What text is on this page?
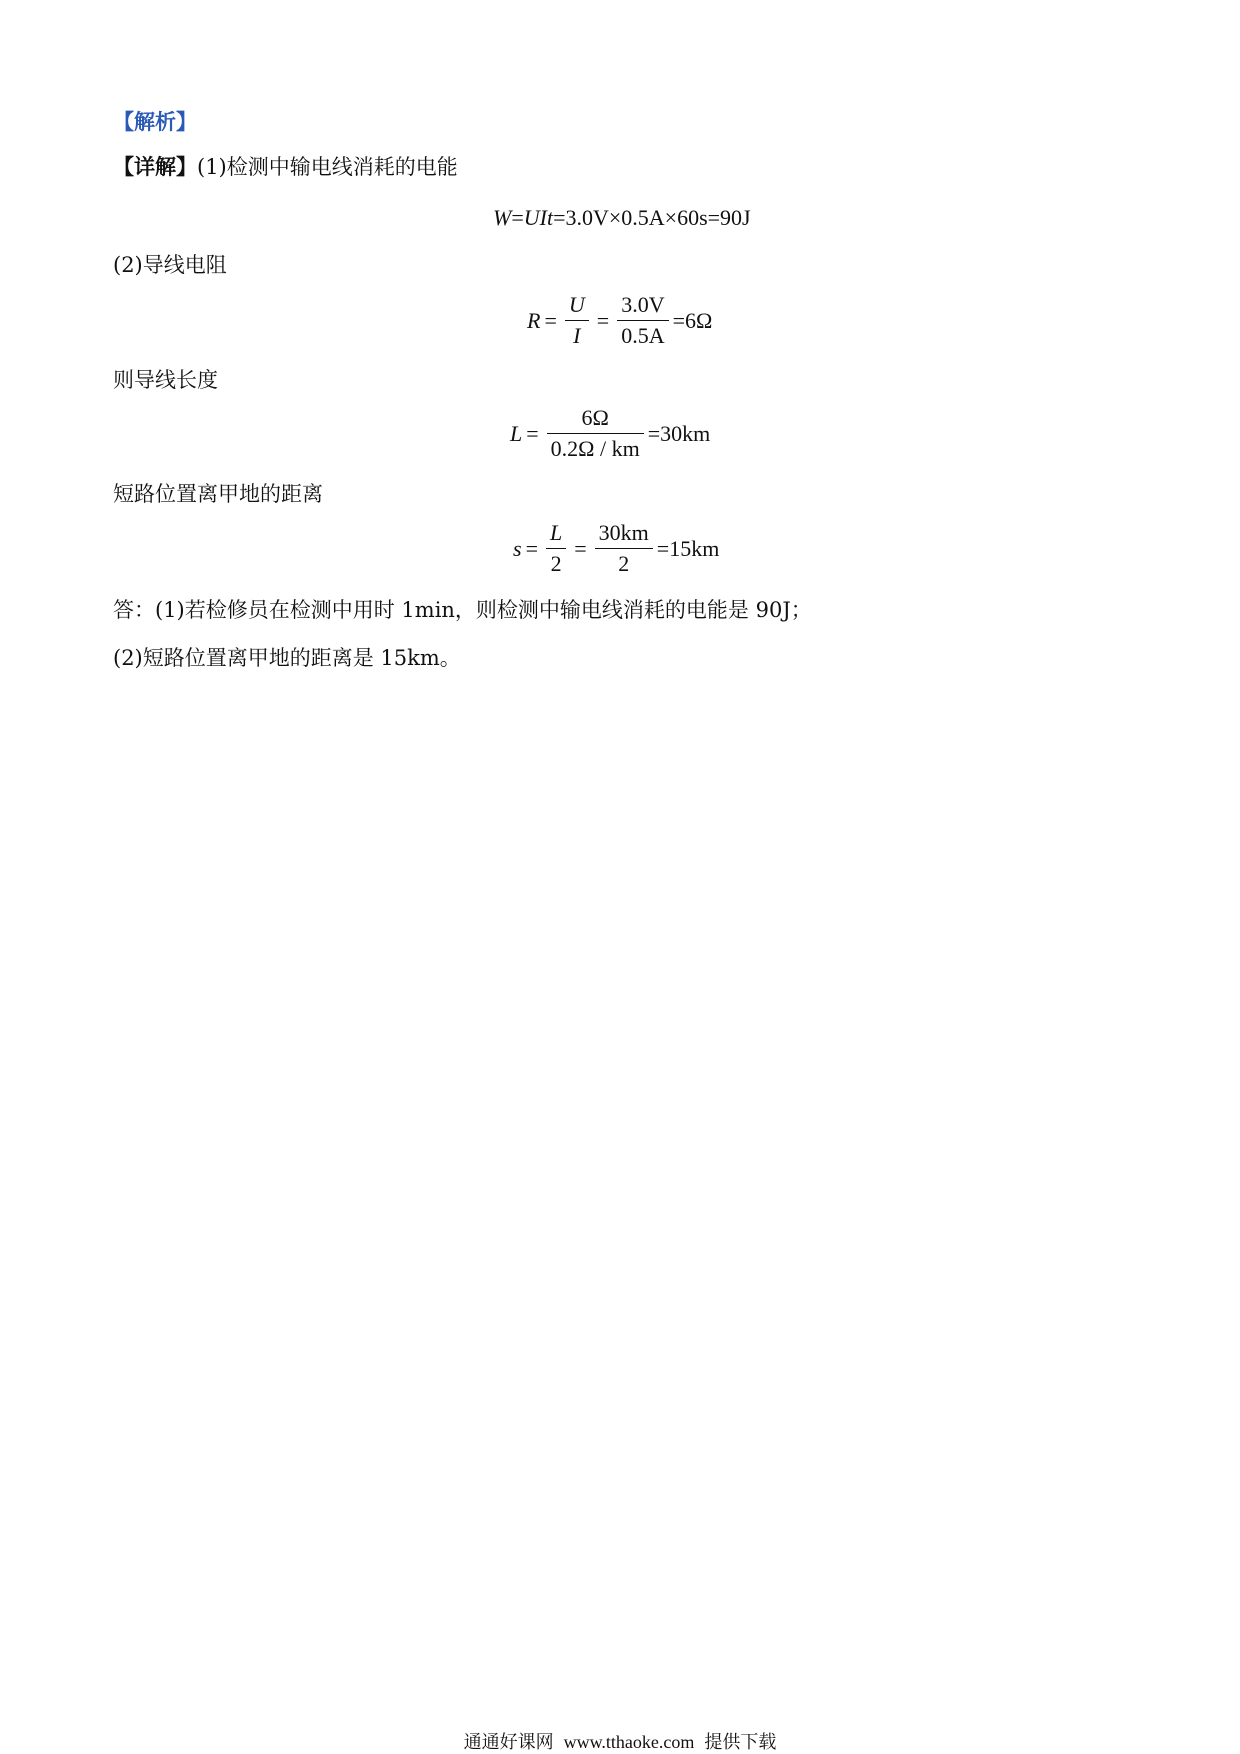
【解析】
【详解】(1)检测中输电线消耗的电能
W = UIt =3.0V×0.5A×60s=90J
(2)导线电阻
$R = \frac{U}{I} = \frac{3.0V}{0.5A} =6\Omega$
则导线长度
$L = \frac{6\Omega}{0.2\Omega / km} =30km$
短路位置离甲地的距离
$s = \frac{L}{2} = \frac{30km}{2} =15km$
答：(1)若检修员在检测中用时 1min，则检测中输电线消耗的电能是 90J；
(2)短路位置离甲地的距离是 15km。
通通好课网 www.tthaoke.com 提供下载
